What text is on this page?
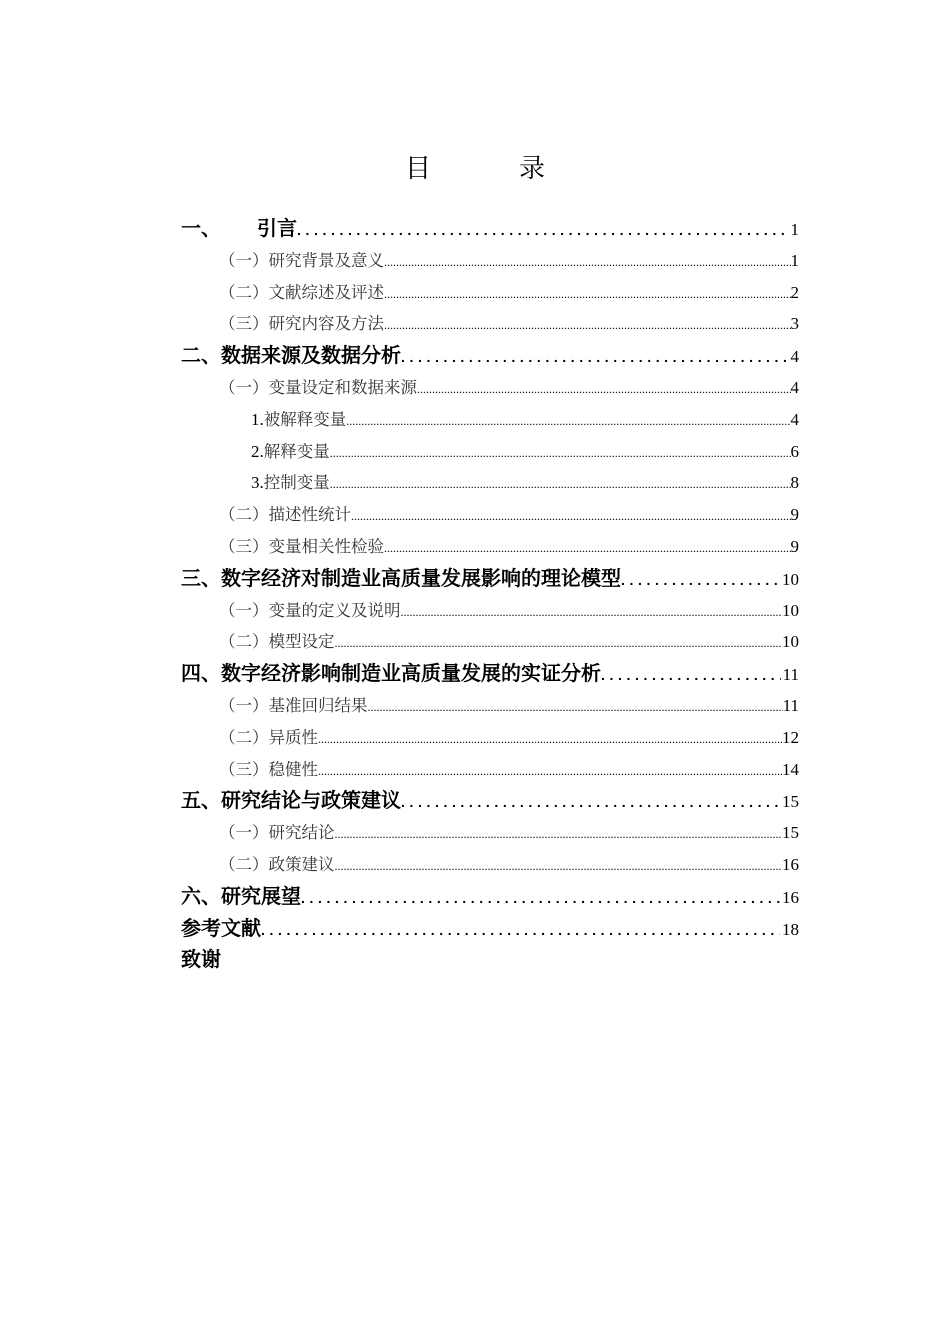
目	录
一、 引言 .....	1
（一）研究背景及意义 .....	1
（二）文献综述及评述 .....	2
（三）研究内容及方法 .....	3
二、数据来源及数据分析 .....	4
（一）变量设定和数据来源 .....	4
1.被解释变量 .....	4
2.解释变量 .....	6
3.控制变量 .....	8
（二）描述性统计 .....	9
（三）变量相关性检验 .....	9
三、数字经济对制造业高质量发展影响的理论模型 .....	10
（一）变量的定义及说明 .....	10
（二）模型设定 .....	10
四、数字经济影响制造业高质量发展的实证分析 .....	11
（一）基准回归结果 .....	11
（二）异质性 .....	12
（三）稳健性 .....	14
五、研究结论与政策建议 .....	15
（一）研究结论 .....	15
（二）政策建议 .....	16
六、研究展望 .....	16
参考文献 .....	18
致谢
